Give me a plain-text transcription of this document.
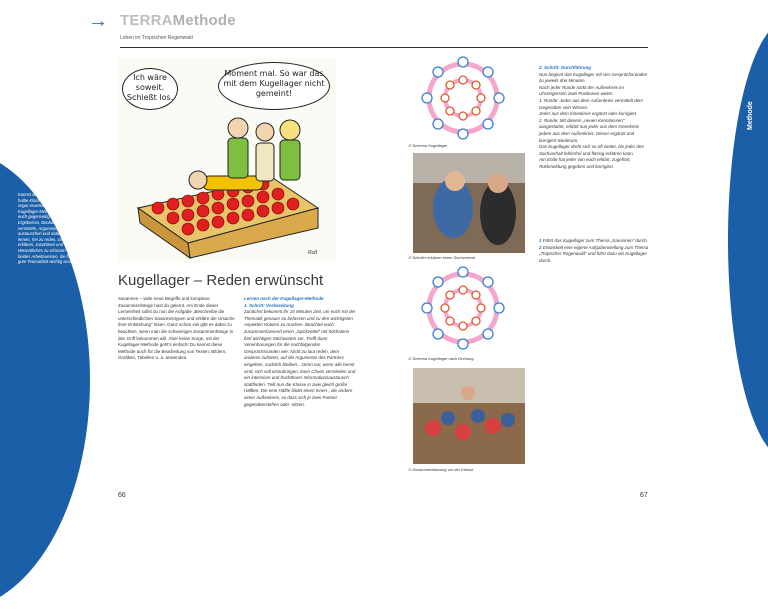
→ TERRAMethode
Leben im Tropischen Regenwald
Methode
Kannst du die verstehen? Die halbe Klasse spricht und das ist sogar erwünscht? Bei der Kugellager-Methode kannst du euch gegenseitig Kenntnisse, Ergebnisse, Beobachtungen vermitteln, Argumente austauschen und dabei euch lernen, frei zu reden, zu erklären, zuzuhören und Wesentliches zu erfassen – beides Arbeitsweisen, die für gute Teamarbeit wichtig sind.
Ich wäre soweit. Schießt los.
Moment mal. So war das mit dem Kugellager nicht gemeint!
Roß
Kugellager – Reden erwünscht
Savannen – viele neue Begriffe und komplexe Zusammenhänge hast du gelernt. Am Ende dieser Lerneinheit sollst du nun die Aufgabe „Beschreibe die unterschiedlichen Savannentypen und erkläre die Ursache ihrer Entstehung" lösen. Ganz schön viel gibt es dabei zu beachten, wenn man die schwierigen Zusammenhänge in den Griff bekommen will. Aber keine Sorge, mit der Kugellager-Methode geht's einfach! Du kannst diese Methode auch für die Bearbeitung von Texten, Bildern, Grafiken, Tabellen u. a. anwenden.
Lernen nach der Kugellager-Methode
1. Schritt: Vorbereitung
Zunächst bekommt ihr 15 Minuten Zeit, um euch mit der Thematik genauer zu befassen und zu den wichtigsten Aspekten Notizen zu machen. Beachtet euch zusammenfassend einen „Spickzettel" mit höchstens fünf wichtigen Stichworten vor. Trefft dann Vereinbarungen für die nachfolgenden Gesprächsrunden wie: Nicht zu laut reden, dem anderen zuhören, auf die Argumente des Partners eingehen, sachlich bleiben... Denn nur, wenn alle bereit sind, sich voll einzubringen, kann Chaos vermieden und ein intensiver und fruchtbarer Informationsaustausch stattfinden. Teilt nun die Klasse in zwei gleich große Hälften. Die eine Hälfte bildet einen Innen-, die andere einen Außenkreis, so dass sich je zwei Partner gegenüberstehen oder -sitzen.
⊙ Schema Kugellager
⊙ Schüler erklären einen Sachverhalt
⊙ Schema Kugellager nach Drehung
⊙ Zusammenfassung vor der Klasse
2. Schritt: Durchführung
Nun beginnt das Kugellager mit vier Gesprächsrunden zu jeweils drei Minuten.
Nach jeder Runde rückt der Außenkreis im Uhrzeigersinn zwei Positionen weiter.
1. Runde: Jeder aus dem Außenkreis vermittelt dem Gegenüber sein Wissen.
Jeder aus dem Innenkreis ergänzt oder korrigiert.
2. Runde: Mit diesem „neuen Kenntnissen" ausgestattet, erklärt nun jeder aus dem Innenkreis jedem aus dem Außenkreis. Dieser ergänzt und korrigiert wiederum.
Das Kugellager dreht sich so oft weiter, bis jeder den Sachverhalt fehlerfrei und flüssig erklären kann.
Am Ende hat jeder von euch erklärt, zugehört, Rückmeldung gegeben und korrigiert.
1 Führt das Kugellager zum Thema „Savannen" durch.
2 Entwickelt eine eigene Aufgabenstellung zum Thema „Tropischer Regenwald" und führt dazu ein Kugellager durch.
66	67
